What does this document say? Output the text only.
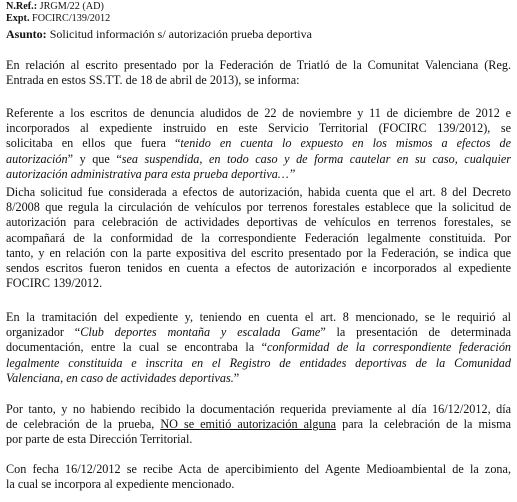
N.Ref.: JRGM/22 (AD)
Expt. FOCIRC/139/2012
Asunto: Solicitud información s/ autorización prueba deportiva
En relación al escrito presentado por la Federación de Triatló de la Comunitat Valenciana (Reg.
Entrada en estos SS.TT. de 18 de abril de 2013), se informa:
Referente a los escritos de denuncia aludidos de 22 de noviembre y 11 de diciembre de 2012 e
incorporados al expediente instruido en este Servicio Territorial (FOCIRC 139/2012), se
solicitaba en ellos que fuera “tenido en cuenta lo expuesto en los mismos a efectos de
autorización” y que “sea suspendida, en todo caso y de forma cautelar en su caso, cualquier
autorización administrativa para esta prueba deportiva…”
Dicha solicitud fue considerada a efectos de autorización, habida cuenta que el art. 8 del Decreto
8/2008 que regula la circulación de vehículos por terrenos forestales establece que la solicitud de
autorización para celebración de actividades deportivas de vehículos en terrenos forestales, se
acompañará de la conformidad de la correspondiente Federación legalmente constituida. Por
tanto, y en relación con la parte expositiva del escrito presentado por la Federación, se indica que
sendos escritos fueron tenidos en cuenta a efectos de autorización e incorporados al expediente
FOCIRC 139/2012.
En la tramitación del expediente y, teniendo en cuenta el art. 8 mencionado, se le requirió al
organizador “Club deportes montaña y escalada Game” la presentación de determinada
documentación, entre la cual se encontraba la “conformidad de la correspondiente federación
legalmente constituida e inscrita en el Registro de entidades deportivas de la Comunidad
Valenciana, en caso de actividades deportivas.”
Por tanto, y no habiendo recibido la documentación requerida previamente al día 16/12/2012, día
de celebración de la prueba, NO se emitió autorización alguna para la celebración de la misma
por parte de esta Dirección Territorial.
Con fecha 16/12/2012 se recibe Acta de apercibimiento del Agente Medioambiental de la zona,
la cual se incorpora al expediente mencionado.
